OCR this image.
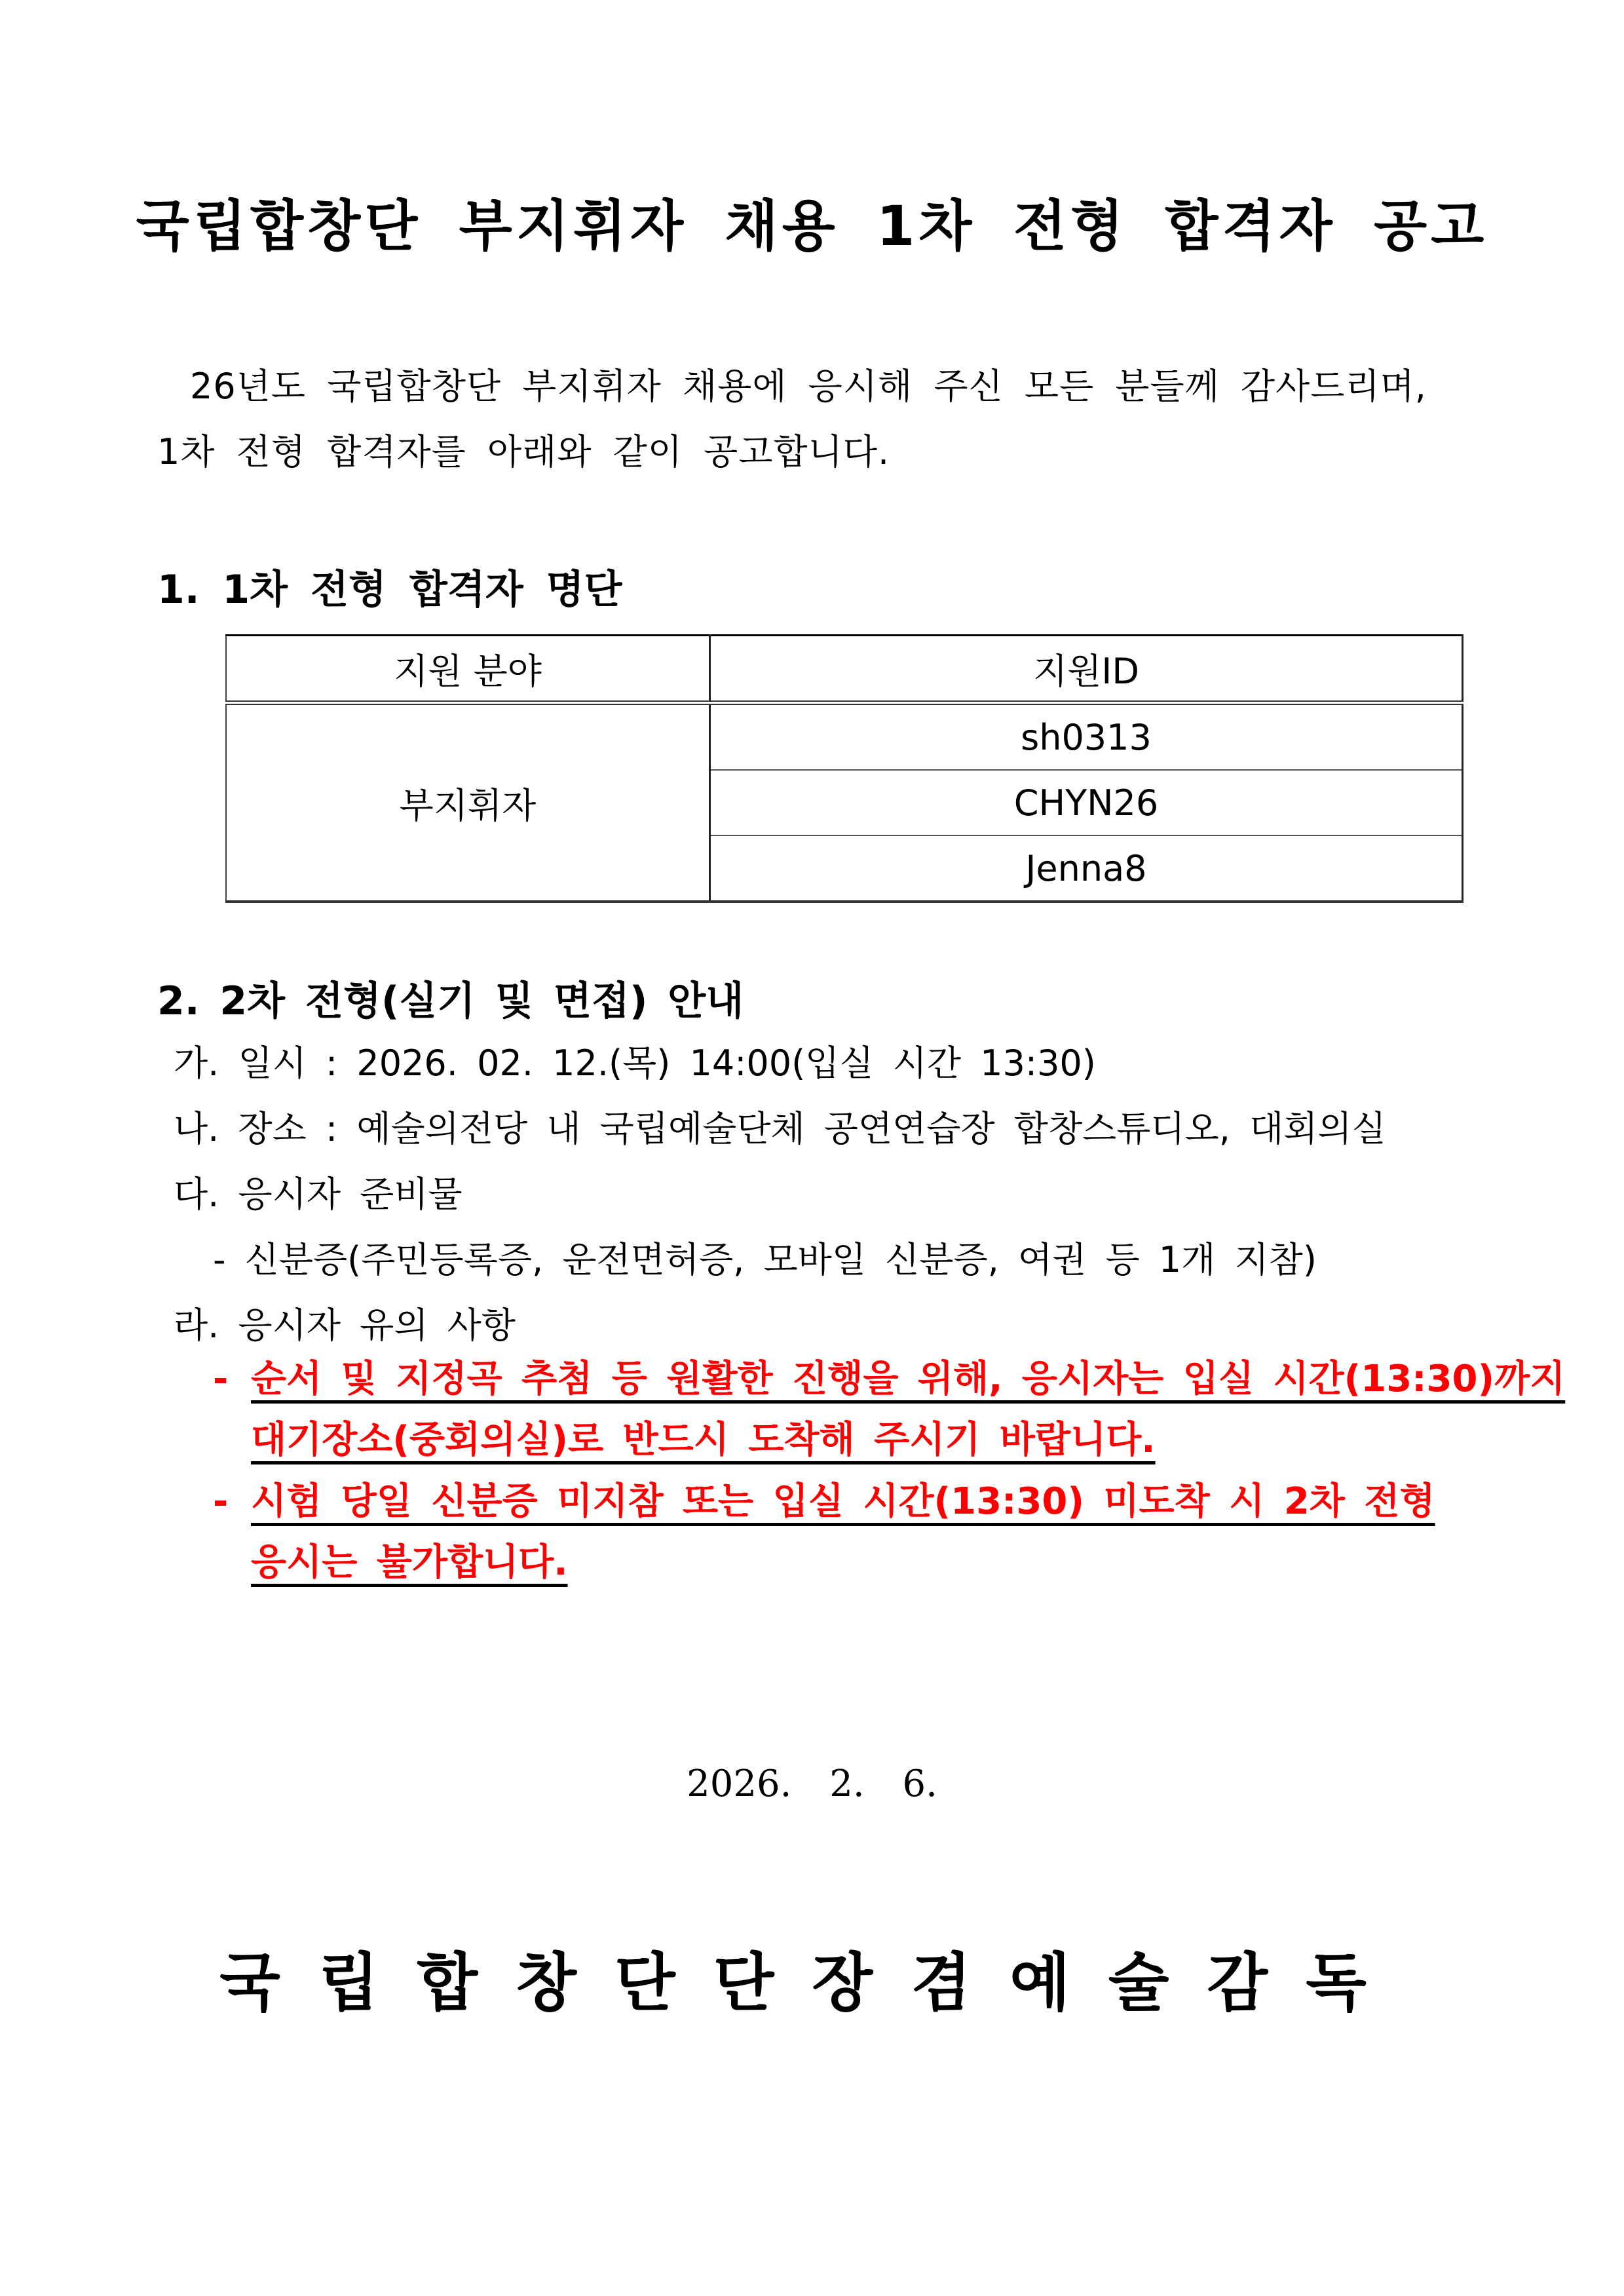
국립합창단 부지휘자 채용 1차 전형 합격자 공고
26년도 국립합창단 부지휘자 채용에 응시해 주신 모든 분들께 감사드리며,
1차 전형 합격자를 아래와 같이 공고합니다.
1. 1차 전형 합격자 명단
지원 분야	지원ID
부지휘자	sh0313
	CHYN26
	Jenna8
2. 2차 전형(실기 및 면접) 안내
가. 일시 : 2026. 02. 12.(목) 14:00(입실 시간 13:30)
나. 장소 : 예술의전당 내 국립예술단체 공연연습장 합창스튜디오, 대회의실
다. 응시자 준비물
- 신분증(주민등록증, 운전면허증, 모바일 신분증, 여권 등 1개 지참)
라. 응시자 유의 사항
- 순서 및 지정곡 추첨 등 원활한 진행을 위해, 응시자는 입실 시간(13:30)까지
대기장소(중회의실)로 반드시 도착해 주시기 바랍니다.
- 시험 당일 신분증 미지참 또는 입실 시간(13:30) 미도착 시 2차 전형
응시는 불가합니다.
2026. 2. 6.
국립합창단단장겸예술감독
